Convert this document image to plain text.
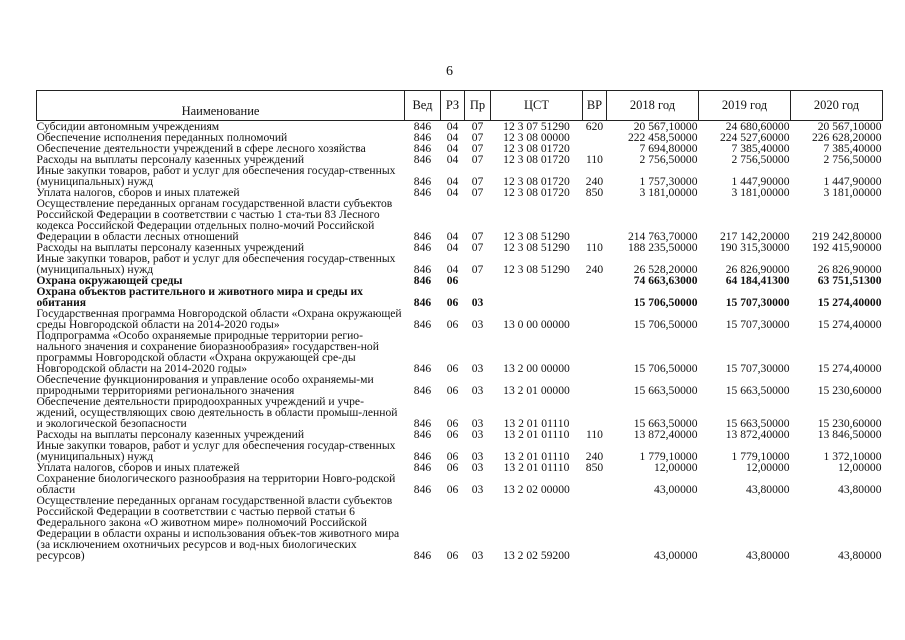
6
Наименование	Вед	РЗ	Пр	ЦСТ	ВР	2018 год	2019 год	2020 год
Субсидии автономным учреждениям	846	04	07	12 3 07 51290	620	20 567,10000	24 680,60000	20 567,10000
Обеспечение исполнения переданных полномочий	846	04	07	12 3 08 00000		222 458,50000	224 527,60000	226 628,20000
Обеспечение деятельности учреждений в сфере лесного хозяйства	846	04	07	12 3 08 01720		7 694,80000	7 385,40000	7 385,40000
Расходы на выплаты персоналу казенных учреждений	846	04	07	12 3 08 01720	110	2 756,50000	2 756,50000	2 756,50000
Иные закупки товаров, работ и услуг для обеспечения государ-ственных (муниципальных) нужд	846	04	07	12 3 08 01720	240	1 757,30000	1 447,90000	1 447,90000
Уплата налогов, сборов и иных платежей	846	04	07	12 3 08 01720	850	3 181,00000	3 181,00000	3 181,00000
Осуществление переданных органам государственной власти субъектов Российской Федерации в соответствии с частью 1 ста-тьи 83 Лесного кодекса Российской Федерации отдельных полно-мочий Российской Федерации в области лесных отношений	846	04	07	12 3 08 51290		214 763,70000	217 142,20000	219 242,80000
Расходы на выплаты персоналу казенных учреждений	846	04	07	12 3 08 51290	110	188 235,50000	190 315,30000	192 415,90000
Иные закупки товаров, работ и услуг для обеспечения государ-ственных (муниципальных) нужд	846	04	07	12 3 08 51290	240	26 528,20000	26 826,90000	26 826,90000
Охрана окружающей среды	846	06				74 663,63000	64 184,41300	63 751,51300
Охрана объектов растительного и животного мира и среды их обитания	846	06	03			15 706,50000	15 707,30000	15 274,40000
Государственная программа Новгородской области «Охрана окружающей среды Новгородской области на 2014-2020 годы»	846	06	03	13 0 00 00000		15 706,50000	15 707,30000	15 274,40000
Подпрограмма «Особо охраняемые природные территории регио-нального значения и сохранение биоразнообразия» государствен-ной программы Новгородской области «Охрана окружающей сре-ды Новгородской области на 2014-2020 годы»	846	06	03	13 2 00 00000		15 706,50000	15 707,30000	15 274,40000
Обеспечение функционирования и управление особо охраняемы-ми природными территориями регионального значения	846	06	03	13 2 01 00000		15 663,50000	15 663,50000	15 230,60000
Обеспечение деятельности природоохранных учреждений и учре-ждений, осуществляющих свою деятельность в области промыш-ленной и экологической безопасности	846	06	03	13 2 01 01110		15 663,50000	15 663,50000	15 230,60000
Расходы на выплаты персоналу казенных учреждений	846	06	03	13 2 01 01110	110	13 872,40000	13 872,40000	13 846,50000
Иные закупки товаров, работ и услуг для обеспечения государ-ственных (муниципальных) нужд	846	06	03	13 2 01 01110	240	1 779,10000	1 779,10000	1 372,10000
Уплата налогов, сборов и иных платежей	846	06	03	13 2 01 01110	850	12,00000	12,00000	12,00000
Сохранение биологического разнообразия на территории Новго-родской области	846	06	03	13 2 02 00000		43,00000	43,80000	43,80000
Осуществление переданных органам государственной власти субъектов Российской Федерации в соответствии с частью первой статьи 6 Федерального закона «О животном мире» полномочий Российской Федерации в области охраны и использования объек-тов животного мира (за исключением охотничьих ресурсов и вод-ных биологических ресурсов)	846	06	03	13 2 02 59200		43,00000	43,80000	43,80000
